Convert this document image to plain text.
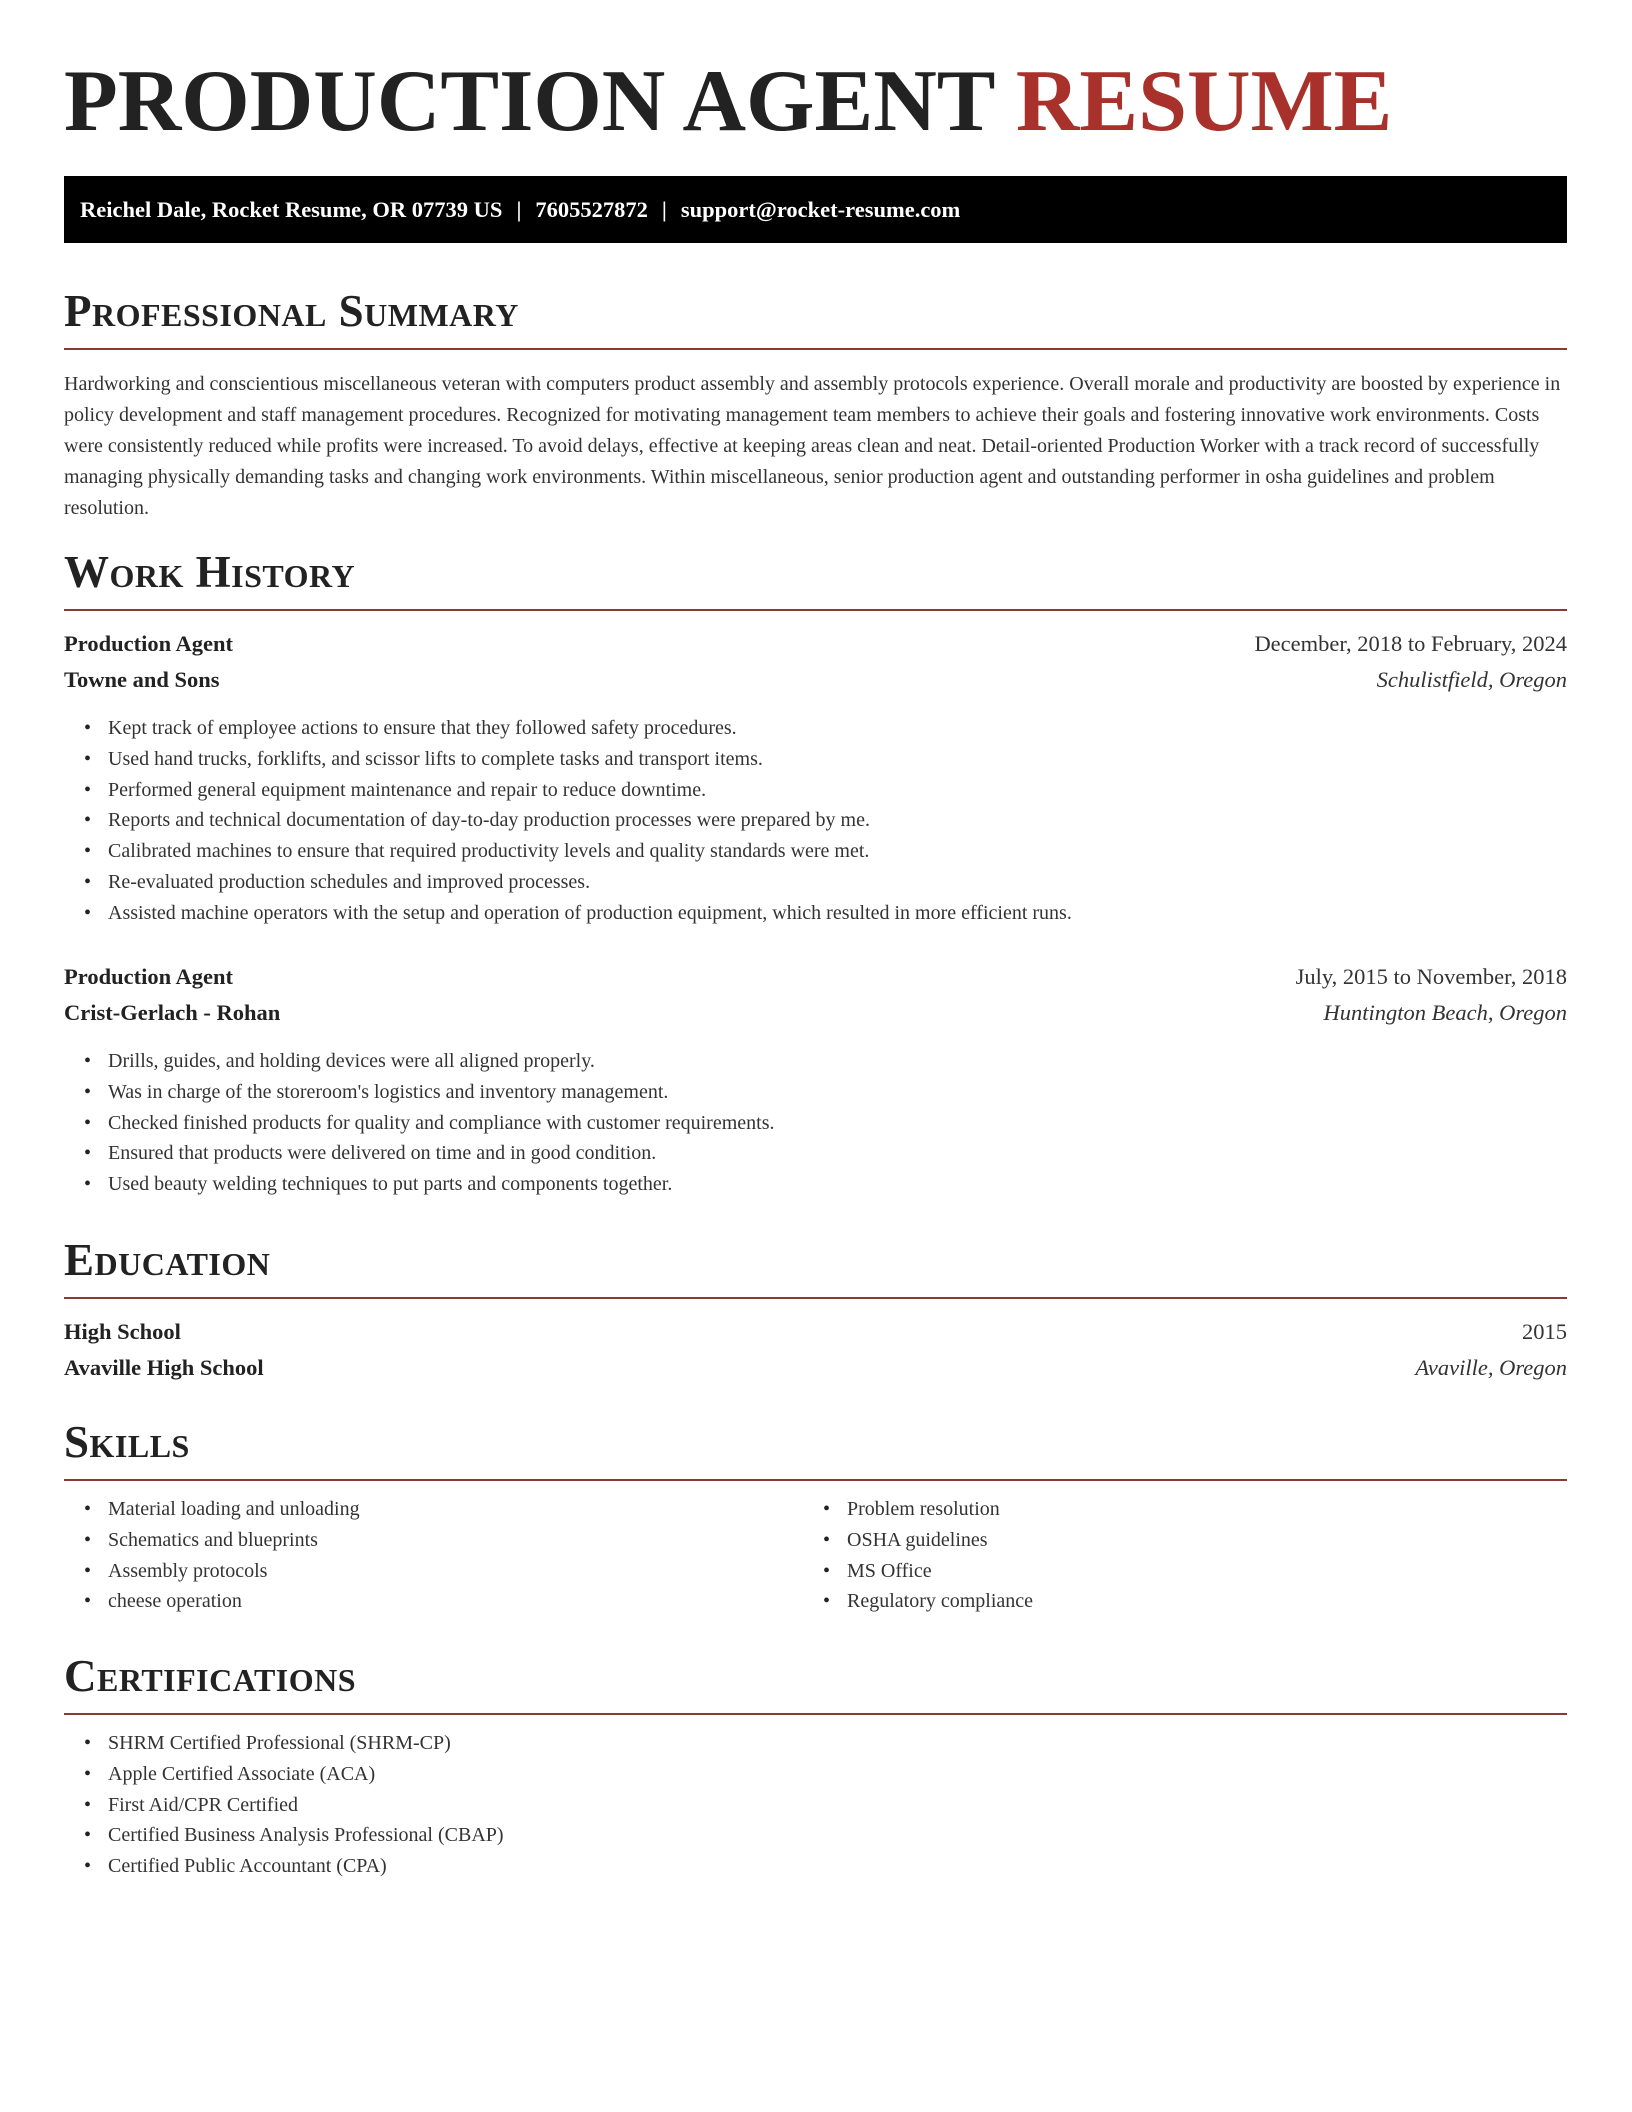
PRODUCTION AGENT RESUME
Reichel Dale, Rocket Resume, OR 07739 US | 7605527872 | support@rocket-resume.com
Professional Summary

Hardworking and conscientious miscellaneous veteran with computers product assembly and assembly protocols experience. Overall morale and productivity are boosted by experience in policy development and staff management procedures. Recognized for motivating management team members to achieve their goals and fostering innovative work environments. Costs were consistently reduced while profits were increased. To avoid delays, effective at keeping areas clean and neat. Detail-oriented Production Worker with a track record of successfully managing physically demanding tasks and changing work environments. Within miscellaneous, senior production agent and outstanding performer in osha guidelines and problem resolution.

Work History
Production Agent	December, 2018 to February, 2024
Towne and Sons	Schulistfield, Oregon
• Kept track of employee actions to ensure that they followed safety procedures.
• Used hand trucks, forklifts, and scissor lifts to complete tasks and transport items.
• Performed general equipment maintenance and repair to reduce downtime.
• Reports and technical documentation of day-to-day production processes were prepared by me.
• Calibrated machines to ensure that required productivity levels and quality standards were met.
• Re-evaluated production schedules and improved processes.
• Assisted machine operators with the setup and operation of production equipment, which resulted in more efficient runs.
Production Agent	July, 2015 to November, 2018
Crist-Gerlach - Rohan	Huntington Beach, Oregon
• Drills, guides, and holding devices were all aligned properly.
• Was in charge of the storeroom's logistics and inventory management.
• Checked finished products for quality and compliance with customer requirements.
• Ensured that products were delivered on time and in good condition.
• Used beauty welding techniques to put parts and components together.
Education
High School	2015
Avaville High School	Avaville, Oregon
Skills
• Material loading and unloading
• Schematics and blueprints
• Assembly protocols
• cheese operation
• Problem resolution
• OSHA guidelines
• MS Office
• Regulatory compliance
Certifications
• SHRM Certified Professional (SHRM-CP)
• Apple Certified Associate (ACA)
• First Aid/CPR Certified
• Certified Business Analysis Professional (CBAP)
• Certified Public Accountant (CPA)
